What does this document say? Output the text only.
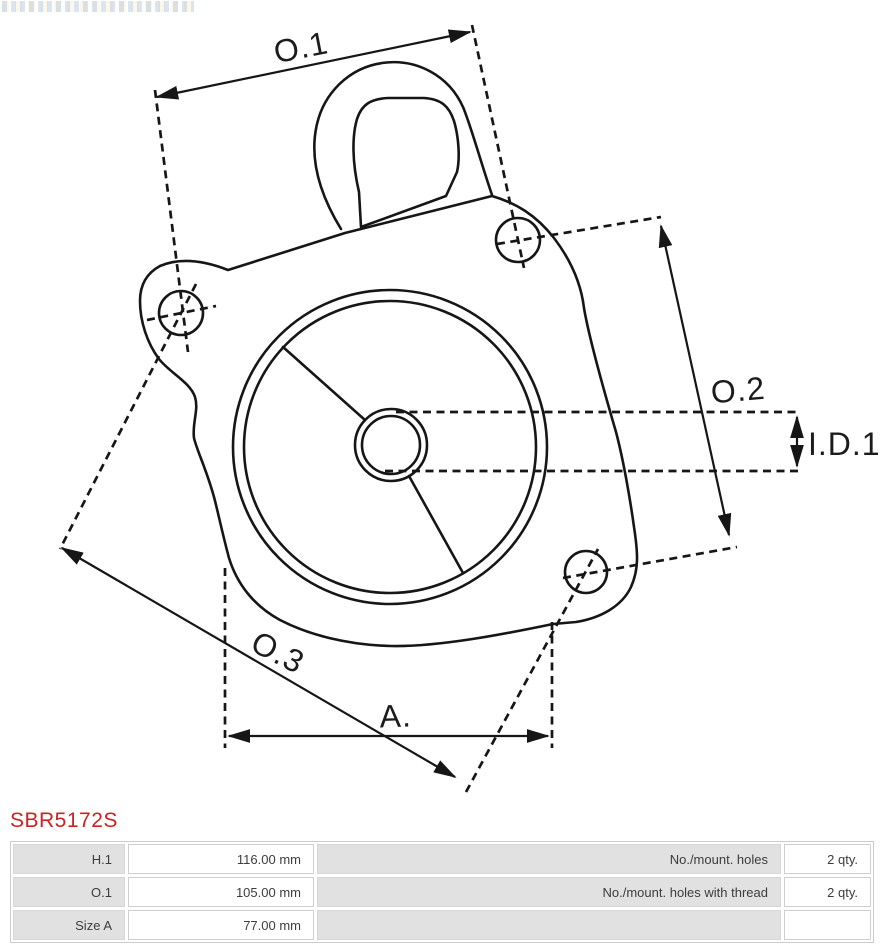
O.1
O.2
O.3
A.
I.D.1
SBR5172S
H.1	116.00 mm	No./mount. holes	2 qty.
O.1	105.00 mm	No./mount. holes with thread	2 qty.
Size A	77.00 mm
